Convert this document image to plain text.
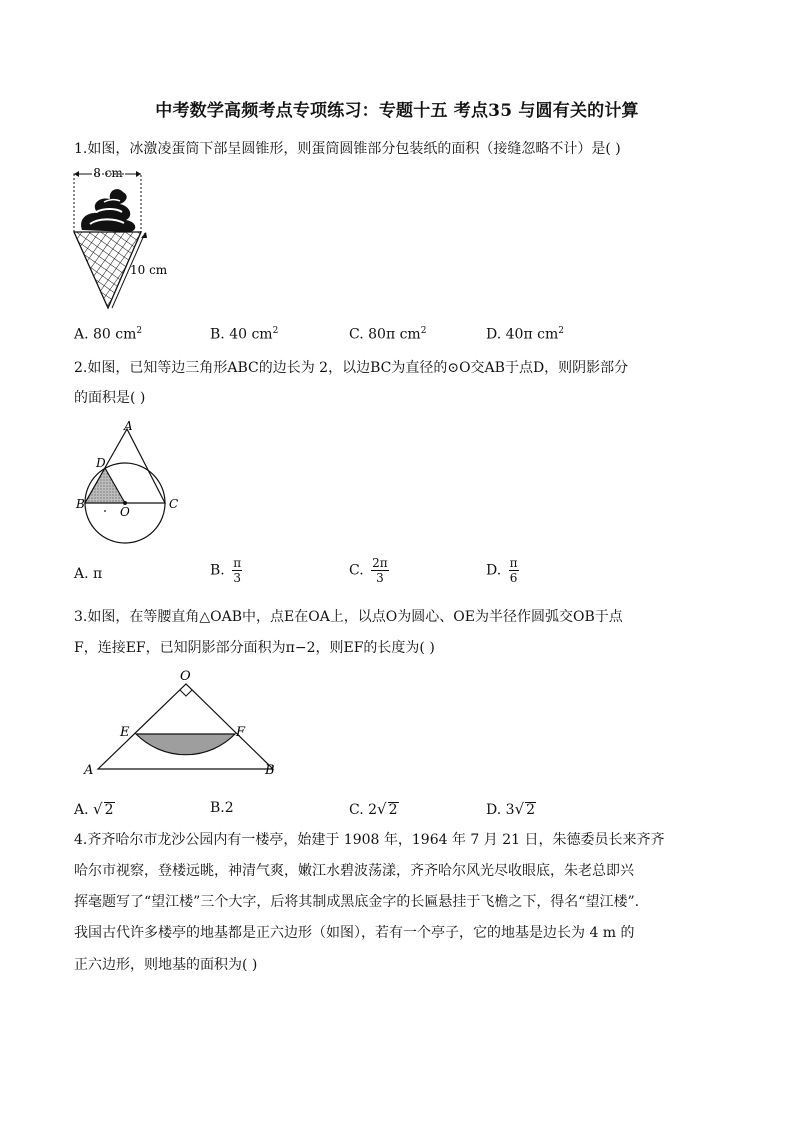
中考数学高频考点专项练习：专题十五 考点35 与圆有关的计算
1.如图，冰激凌蛋筒下部呈圆锥形，则蛋筒圆锥部分包装纸的面积（接缝忽略不计）是( )
8 cm
10 cm
A. 80 $cm^2$	B. 40 $cm^2$	C. 80π $cm^2$	D. 40π $cm^2$
2.如图，已知等边三角形ABC的边长为 2，以边BC为直径的⊙O交AB于点D，则阴影部分
的面积是( )
A
B	C
D
O
A. π	B. $\frac{\pi}{3}$	C. $\frac{2\pi}{3}$	D. $\frac{\pi}{6}$
3.如图，在等腰直角△OAB中，点E在OA上，以点O为圆心、OE为半径作圆弧交OB于点
F，连接EF，已知阴影部分面积为π−2，则EF的长度为( )
O
E	F
A	B
A. √ 2	B.2	C. 2√ 2	D. 3√ 2
4.齐齐哈尔市龙沙公园内有一楼亭，始建于 1908 年，1964 年 7 月 21 日，朱德委员长来齐齐
哈尔市视察，登楼远眺，神清气爽，嫩江水碧波荡漾，齐齐哈尔风光尽收眼底，朱老总即兴
挥毫题写了“望江楼”三个大字，后将其制成黑底金字的长匾悬挂于飞檐之下，得名“望江楼”.
我国古代许多楼亭的地基都是正六边形（如图），若有一个亭子，它的地基是边长为 4 m 的
正六边形，则地基的面积为( )
